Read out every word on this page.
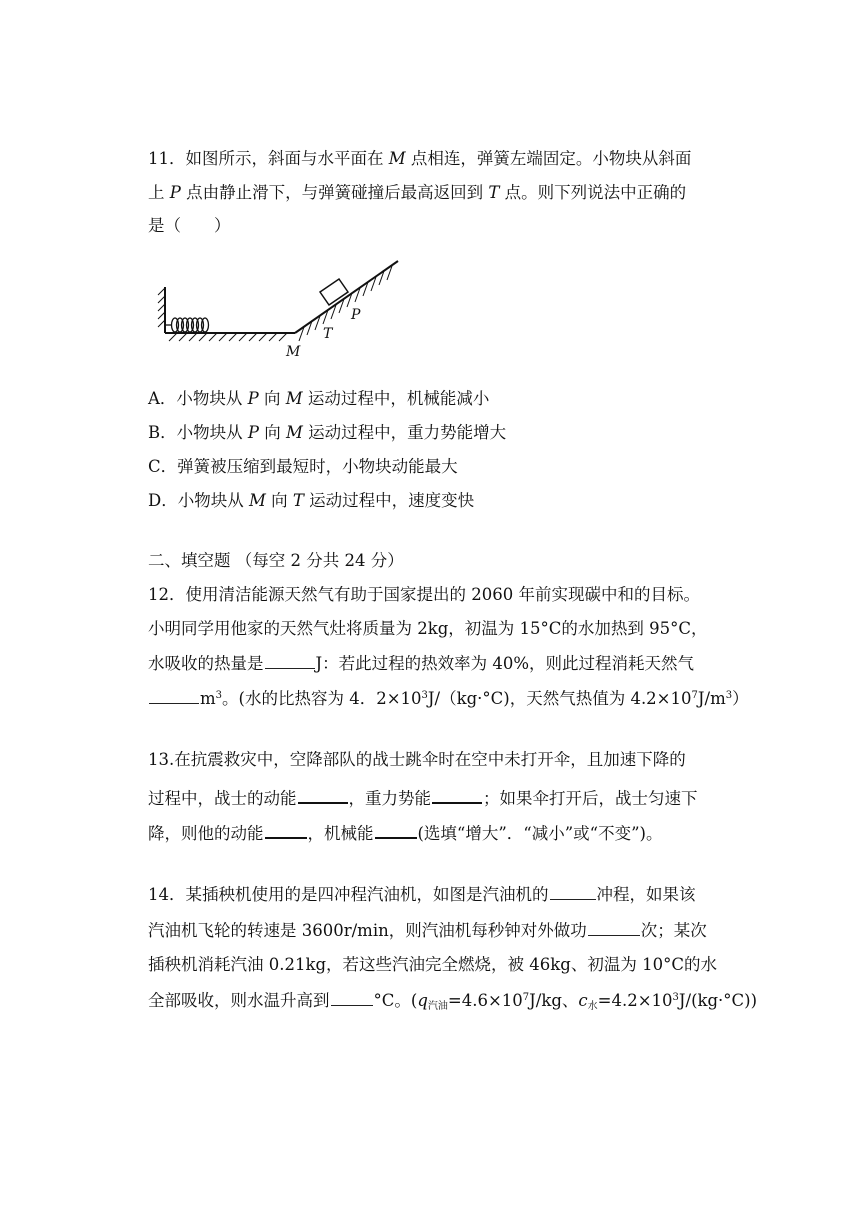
11．如图所示，斜面与水平面在 M 点相连，弹簧左端固定。小物块从斜面
上 P 点由静止滑下，与弹簧碰撞后最高返回到 T 点。则下列说法中正确的
是（　　）
M
T
P
A．小物块从 P 向 M 运动过程中，机械能减小
B．小物块从 P 向 M 运动过程中，重力势能增大
C．弹簧被压缩到最短时，小物块动能最大
D．小物块从 M 向 T 运动过程中，速度变快
二、填空题 （每空 2 分共 24 分）
12．使用清洁能源天然气有助于国家提出的 2060 年前实现碳中和的目标。
小明同学用他家的天然气灶将质量为 2kg，初温为 15°C的水加热到 95°C，
水吸收的热量是	J：若此过程的热效率为 40%，则此过程消耗天然气
$m^3$。(水的比热容为 4．$2\times 10^3J/(kg\cdot^\circ C)$，天然气热值为 $4.2\times 10^7J/m^3$）
13.在抗震救灾中，空降部队的战士跳伞时在空中未打开伞，且加速下降的
过程中，战士的动能	，重力势能	；如果伞打开后，战士匀速下
降，则他的动能	，机械能	(选填“增大”．“减小”或“不变”)。
14．某插秧机使用的是四冲程汽油机，如图是汽油机的	冲程，如果该
汽油机飞轮的转速是 3600r/min，则汽油机每秒钟对外做功	次；某次
插秧机消耗汽油 0.21kg，若这些汽油完全燃烧，被 46kg、初温为 10°C的水
全部吸收，则水温升高到	°C。($q_{汽油}=4.6\times 10^7J/kg$、$c_水=4.2\times 10^3J/(kg\cdot^\circ C)$)
